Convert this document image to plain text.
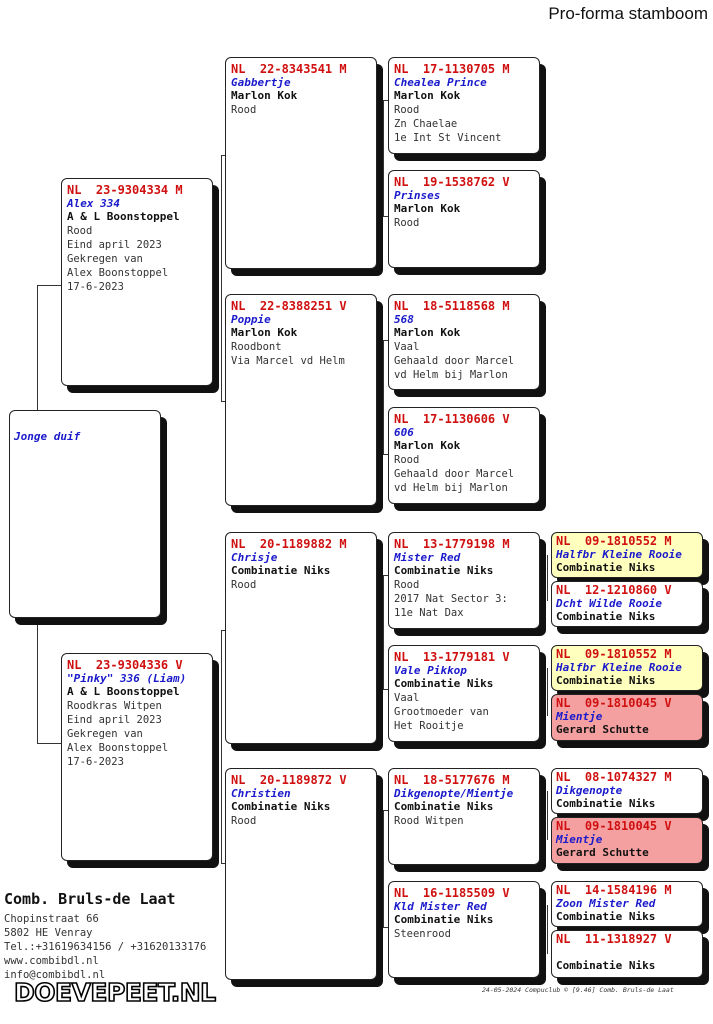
Pro-forma stamboom
Jonge duif
NL  23-9304334 M
Alex 334
A & L Boonstoppel
Rood
Eind april 2023
Gekregen van
Alex Boonstoppel
17-6-2023
NL  23-9304336 V
"Pinky" 336 (Liam)
A & L Boonstoppel
Roodkras Witpen
Eind april 2023
Gekregen van
Alex Boonstoppel
17-6-2023
NL  22-8343541 M
Gabbertje
Marlon Kok
Rood
NL  22-8388251 V
Poppie
Marlon Kok
Roodbont
Via Marcel vd Helm
NL  20-1189882 M
Chrisje
Combinatie Niks
Rood
NL  20-1189872 V
Christien
Combinatie Niks
Rood
NL  17-1130705 M
Chealea Prince
Marlon Kok
Rood
Zn Chaelae
1e Int St Vincent
NL  19-1538762 V
Prinses
Marlon Kok
Rood
NL  18-5118568 M
568
Marlon Kok
Vaal
Gehaald door Marcel
vd Helm bij Marlon
NL  17-1130606 V
606
Marlon Kok
Rood
Gehaald door Marcel
vd Helm bij Marlon
NL  13-1779198 M
Mister Red
Combinatie Niks
Rood
2017 Nat Sector 3:
11e Nat Dax
NL  13-1779181 V
Vale Pikkop
Combinatie Niks
Vaal
Grootmoeder van
Het Rooitje
NL  18-5177676 M
Dikgenopte/Mientje
Combinatie Niks
Rood Witpen
NL  16-1185509 V
Kld Mister Red
Combinatie Niks
Steenrood
NL  09-1810552 M
Halfbr Kleine Rooie
Combinatie Niks
NL  12-1210860 V
Dcht Wilde Rooie
Combinatie Niks
NL  09-1810552 M
Halfbr Kleine Rooie
Combinatie Niks
NL  09-1810045 V
Mientje
Gerard Schutte
NL  08-1074327 M
Dikgenopte
Combinatie Niks
NL  09-1810045 V
Mientje
Gerard Schutte
NL  14-1584196 M
Zoon Mister Red
Combinatie Niks
NL  11-1318927 V
Combinatie Niks
Comb. Bruls-de Laat
Chopinstraat 66
5802 HE Venray
Tel.:+31619634156 / +31620133176
www.combibdl.nl
info@combibdl.nl
DOEVEPEET.NL	24-05-2024 Compuclub © [9.46] Comb. Bruls-de Laat
